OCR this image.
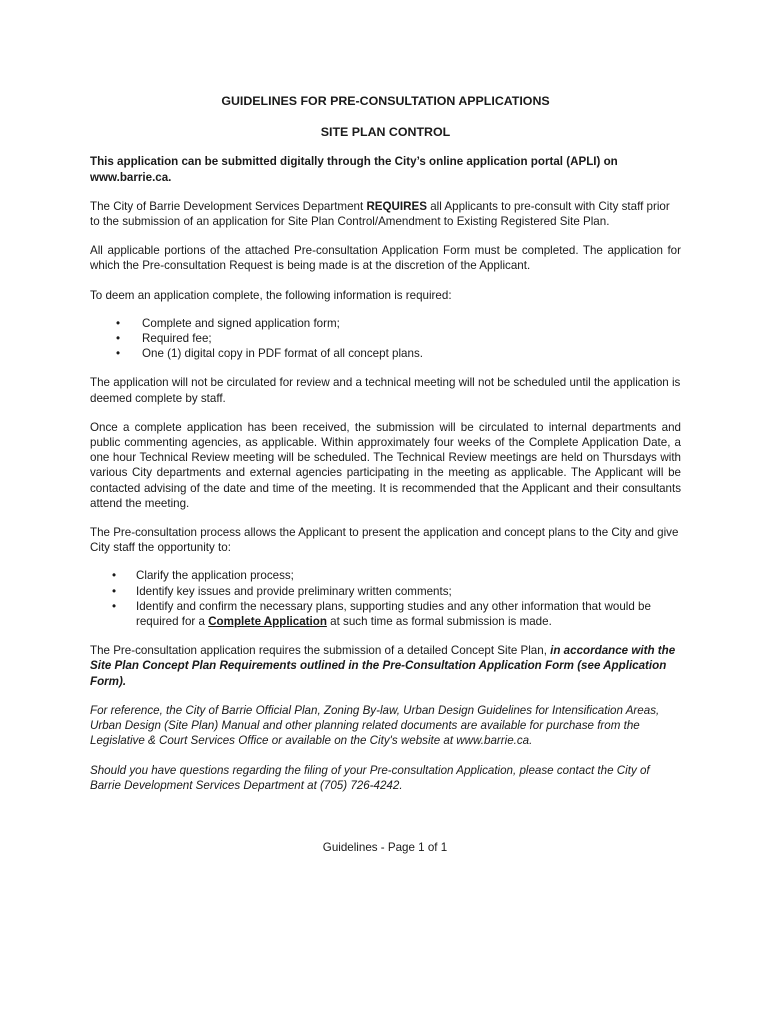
GUIDELINES FOR PRE-CONSULTATION APPLICATIONS
SITE PLAN CONTROL

This application can be submitted digitally through the City’s online application portal (APLI) on www.barrie.ca.

The City of Barrie Development Services Department REQUIRES all Applicants to pre-consult with City staff prior to the submission of an application for Site Plan Control/Amendment to Existing Registered Site Plan.

All applicable portions of the attached Pre-consultation Application Form must be completed. The application for which the Pre-consultation Request is being made is at the discretion of the Applicant.

To deem an application complete, the following information is required:

• Complete and signed application form;
• Required fee;
• One (1) digital copy in PDF format of all concept plans.

The application will not be circulated for review and a technical meeting will not be scheduled until the application is deemed complete by staff.

Once a complete application has been received, the submission will be circulated to internal departments and public commenting agencies, as applicable. Within approximately four weeks of the Complete Application Date, a one hour Technical Review meeting will be scheduled. The Technical Review meetings are held on Thursdays with various City departments and external agencies participating in the meeting as applicable. The Applicant will be contacted advising of the date and time of the meeting. It is recommended that the Applicant and their consultants attend the meeting.

The Pre-consultation process allows the Applicant to present the application and concept plans to the City and give City staff the opportunity to:

• Clarify the application process;
• Identify key issues and provide preliminary written comments;
• Identify and confirm the necessary plans, supporting studies and any other information that would be required for a Complete Application at such time as formal submission is made.

The Pre-consultation application requires the submission of a detailed Concept Site Plan, in accordance with the Site Plan Concept Plan Requirements outlined in the Pre-Consultation Application Form (see Application Form).

For reference, the City of Barrie Official Plan, Zoning By-law, Urban Design Guidelines for Intensification Areas, Urban Design (Site Plan) Manual and other planning related documents are available for purchase from the Legislative & Court Services Office or available on the City's website at www.barrie.ca.

Should you have questions regarding the filing of your Pre-consultation Application, please contact the City of Barrie Development Services Department at (705) 726-4242.

Guidelines - Page 1 of 1
